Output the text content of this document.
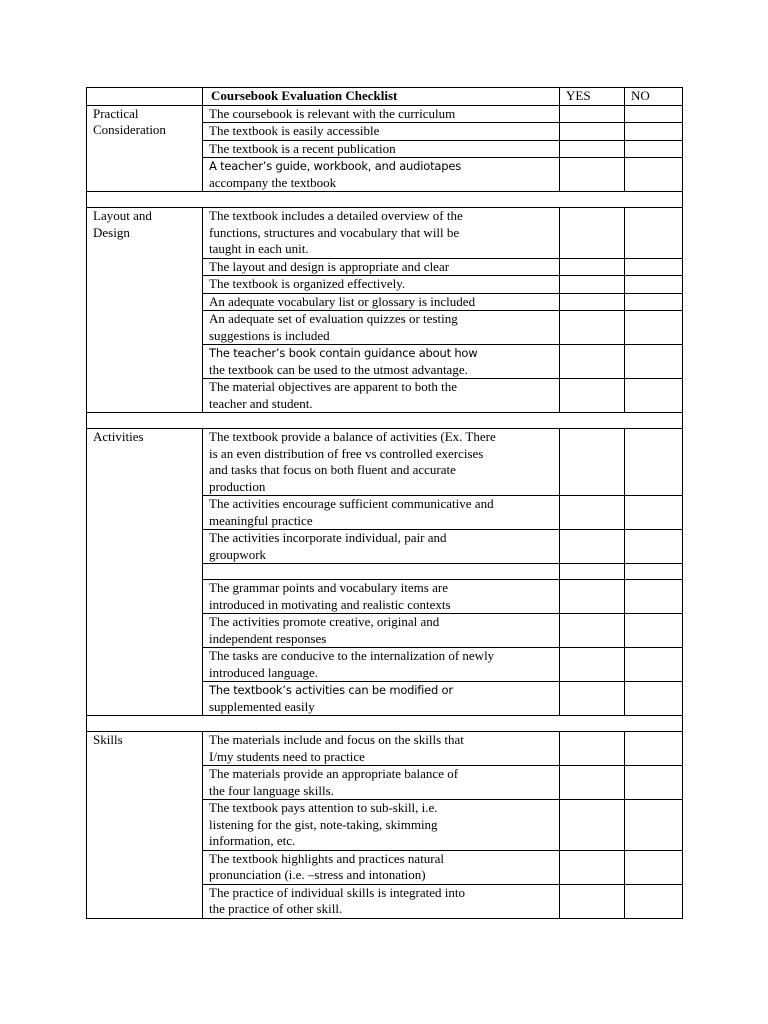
	Coursebook Evaluation Checklist	YES	NO
Practical
Consideration	The coursebook is relevant with the curriculum		
	The textbook is easily accessible		
	The textbook is a recent publication		
	A teacher’s guide, workbook, and audiotapes
accompany the textbook		

Layout and
Design	The textbook includes a detailed overview of the
functions, structures and vocabulary that will be
taught in each unit.		
	The layout and design is appropriate and clear		
	The textbook is organized effectively.		
	An adequate vocabulary list or glossary is included		
	An adequate set of evaluation quizzes or testing
suggestions is included		
	The teacher’s book contain guidance about how
the textbook can be used to the utmost advantage.		
	The material objectives are apparent to both the
teacher and student.		

Activities	The textbook provide a balance of activities (Ex. There
is an even distribution of free vs controlled exercises
and tasks that focus on both fluent and accurate
production		
	The activities encourage sufficient communicative and
meaningful practice		
	The activities incorporate individual, pair and
groupwork		

	The grammar points and vocabulary items are
introduced in motivating and realistic contexts		
	The activities promote creative, original and
independent responses		
	The tasks are conducive to the internalization of newly
introduced language.		
	The textbook’s activities can be modified or
supplemented easily		

Skills	The materials include and focus on the skills that
I/my students need to practice		
	The materials provide an appropriate balance of
the four language skills.		
	The textbook pays attention to sub-skill, i.e.
listening for the gist, note-taking, skimming
information, etc.		
	The textbook highlights and practices natural
pronunciation (i.e. –stress and intonation)		
	The practice of individual skills is integrated into
the practice of other skill.		
